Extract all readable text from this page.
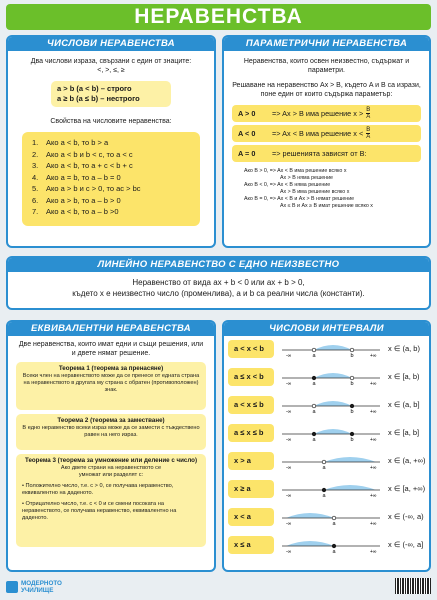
НЕРАВЕНСТВА
ЧИСЛОВИ НЕРАВЕНСТВА
Два числови израза, свързани с един от знаците:
<, >, ≤, ≥
a > b (a < b) – строго
a ≥ b (a ≤ b) – нестрого
Свойства на числовите неравенства:
1.	Ако a < b, то b > a
2.	Ако a < b и b < c, то a < c
3.	Ако a < b, то a + c < b + c
4.	Ако a = b, то a – b = 0
5.	Ако a > b и c > 0, то ac > bc
6.	Ако a > b, то a – b > 0
7.	Ако a < b, то a – b >0
ПАРАМЕТРИЧНИ НЕРАВЕНСТВА
Неравенства, които освен неизвестно, съдържат и параметри.
Решаване на неравенство Ax > B, където A и B са изрази, поне един от които съдържа параметър:
A > 0	=> Ax > B има решение $x > \frac{B}{A}$
A < 0	=> Ax < B има решение $x < \frac{B}{A}$
A = 0	=> решенията зависят от B:
Ако B > 0, => Ax < B има решение всяко x
Ax > B няма решение
Ако B < 0, => Ax < B няма решение
Ax > B има решение всяко x
Ако B = 0, => Ax < B и Ax > B нямат решение
Ax ≤ B и Ax ≥ B имат решение всяко x
ЛИНЕЙНО НЕРАВЕНСТВО С ЕДНО НЕИЗВЕСТНО
Неравенство от вида ax + b < 0 или ax + b > 0,
където x е неизвестно число (променлива), a и b са реални числа (константи).
ЕКВИВАЛЕНТНИ НЕРАВЕНСТВА
Две неравенства, които имат едни и същи решения, или и двете нямат решение.
Теорема 1 (теорема за пренасяне)
Всеки член на неравенството може да се пренесе от едната страна на неравенството в другата му страна с обратен (противоположен) знак.
Теорема 2 (теорема за заместване)
В едно неравенство всеки израз може да се замести с тъждествено равен на него израз.
Теорема 3 (теорема за умножение или деление с число)
Ако двете страни на неравенството се умножат или разделят с:
• Положително число, т.е. c > 0, се получава неравенство, еквивалентно на даденото.
• Отрицателно число, т.е. c < 0 и се смени посоката на неравенството, се получава неравенство, еквивалентно на даденото.
ЧИСЛОВИ ИНТЕРВАЛИ
a < x < b
a	b
-∞	+∞
x ∈ (a, b)
a ≤ x < b
a	b
-∞	+∞
x ∈ [a, b)
a < x ≤ b
a	b
-∞	+∞
x ∈ (a, b]
a ≤ x ≤ b
a	b
-∞	+∞
x ∈ [a, b]
x > a
a
-∞	+∞
x ∈ (a, +∞)
x ≥ a
a
-∞	+∞
x ∈ [a, +∞)
x < a
a
-∞	+∞
x ∈ (-∞, a)
x ≤ a
a
-∞	+∞
x ∈ (-∞, a]
МОДЕРНОТО УЧИЛИЩЕ
